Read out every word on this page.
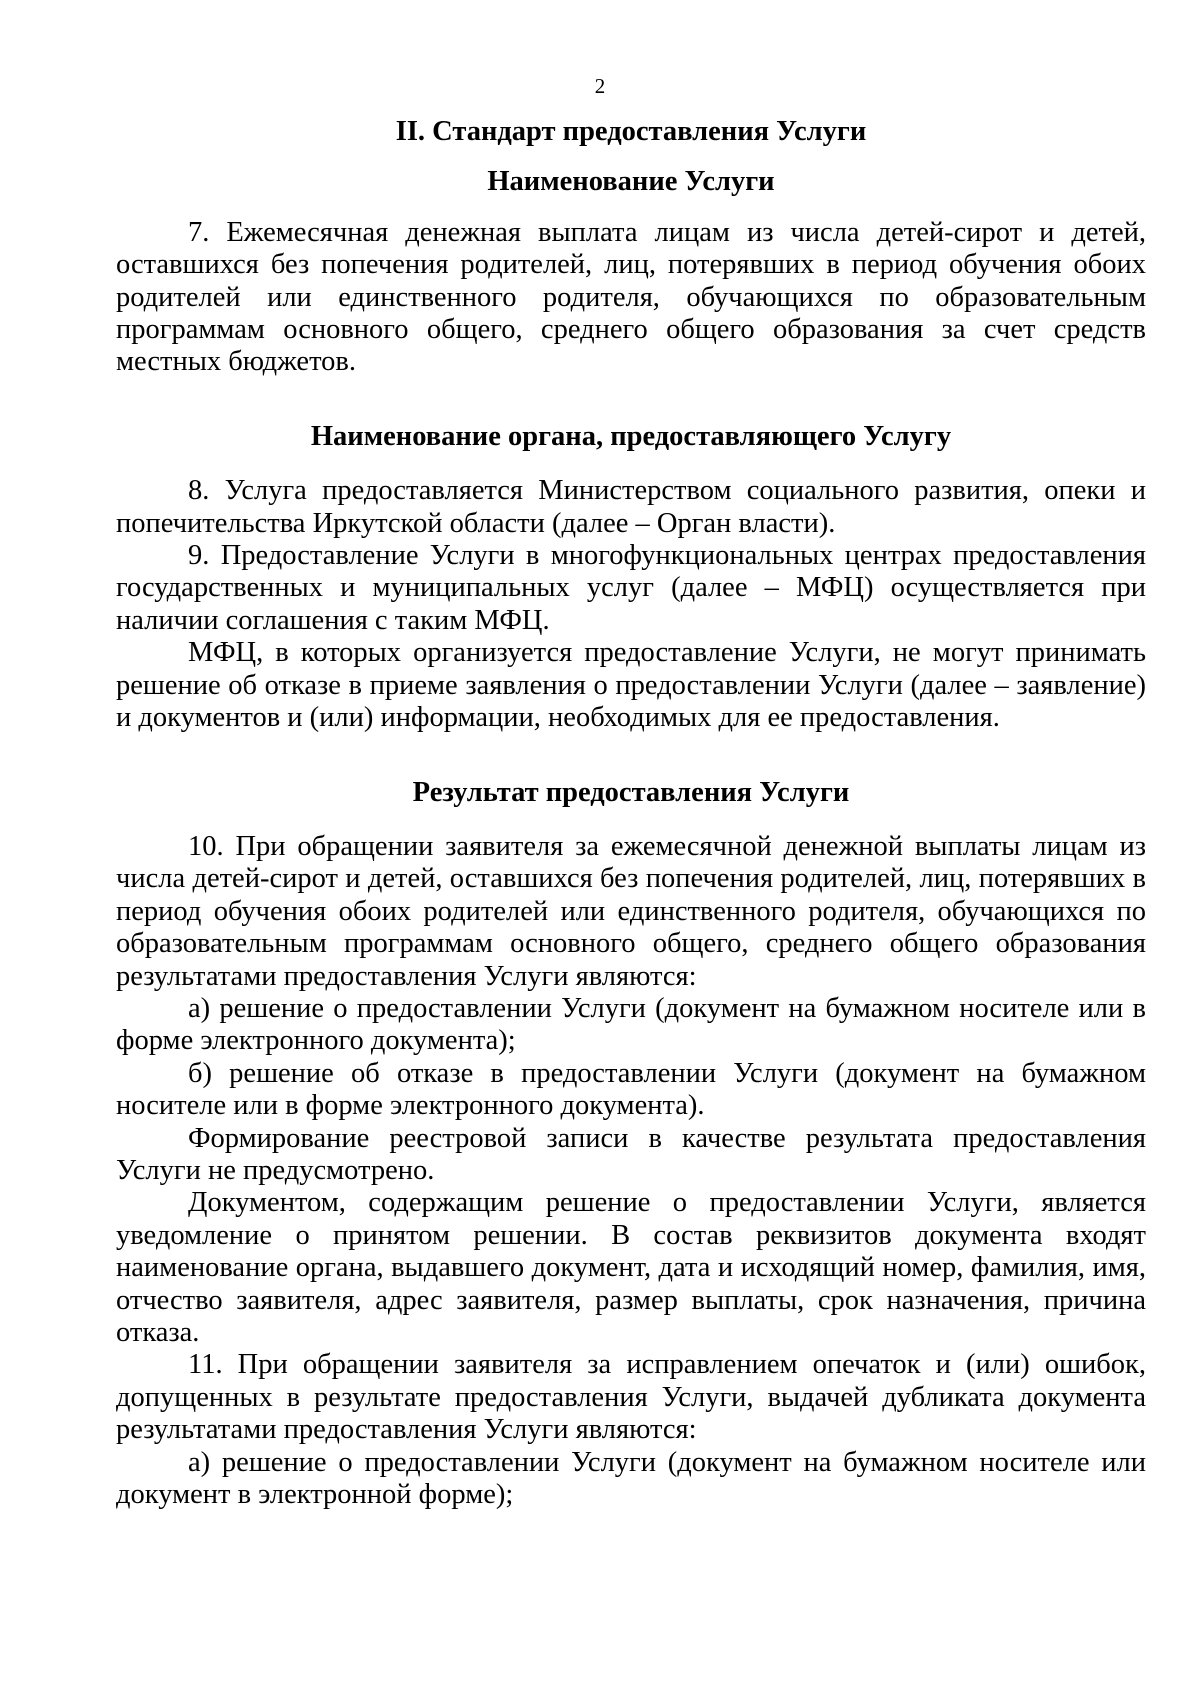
2
II. Стандарт предоставления Услуги
Наименование Услуги

7. Ежемесячная денежная выплата лицам из числа детей-сирот и детей, оставшихся без попечения родителей, лиц, потерявших в период обучения обоих родителей или единственного родителя, обучающихся по образовательным программам основного общего, среднего общего образования за счет средств местных бюджетов.

Наименование органа, предоставляющего Услугу

8. Услуга предоставляется Министерством социального развития, опеки и попечительства Иркутской области (далее – Орган власти).

9. Предоставление Услуги в многофункциональных центрах предоставления государственных и муниципальных услуг (далее – МФЦ) осуществляется при наличии соглашения с таким МФЦ.

МФЦ, в которых организуется предоставление Услуги, не могут принимать решение об отказе в приеме заявления о предоставлении Услуги (далее – заявление) и документов и (или) информации, необходимых для ее предоставления.

Результат предоставления Услуги

10. При обращении заявителя за ежемесячной денежной выплаты лицам из числа детей-сирот и детей, оставшихся без попечения родителей, лиц, потерявших в период обучения обоих родителей или единственного родителя, обучающихся по образовательным программам основного общего, среднего общего образования результатами предоставления Услуги являются:

а) решение о предоставлении Услуги (документ на бумажном носителе или в форме электронного документа);

б) решение об отказе в предоставлении Услуги (документ на бумажном носителе или в форме электронного документа).

Формирование реестровой записи в качестве результата предоставления Услуги не предусмотрено.

Документом, содержащим решение о предоставлении Услуги, является уведомление о принятом решении. В состав реквизитов документа входят наименование органа, выдавшего документ, дата и исходящий номер, фамилия, имя, отчество заявителя, адрес заявителя, размер выплаты, срок назначения, причина отказа.

11. При обращении заявителя за исправлением опечаток и (или) ошибок, допущенных в результате предоставления Услуги, выдачей дубликата документа результатами предоставления Услуги являются:

а) решение о предоставлении Услуги (документ на бумажном носителе или документ в электронной форме);
